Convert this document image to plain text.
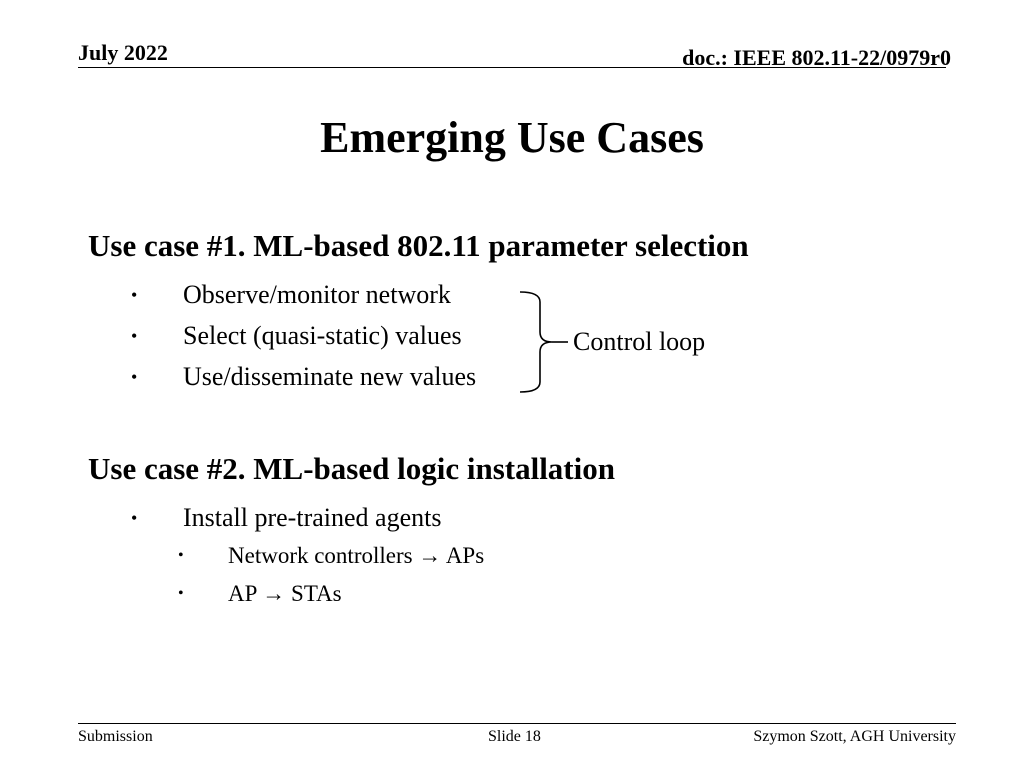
July 2022	doc.: IEEE 802.11-22/0979r0
Emerging Use Cases
Use case #1. ML-based 802.11 parameter selection
• Observe/monitor network
• Select (quasi-static) values
• Use/disseminate new values
Control loop
Use case #2. ML-based logic installation
• Install pre-trained agents
• Network controllers → APs
• AP → STAs
Submission	Slide 18	Szymon Szott, AGH University
